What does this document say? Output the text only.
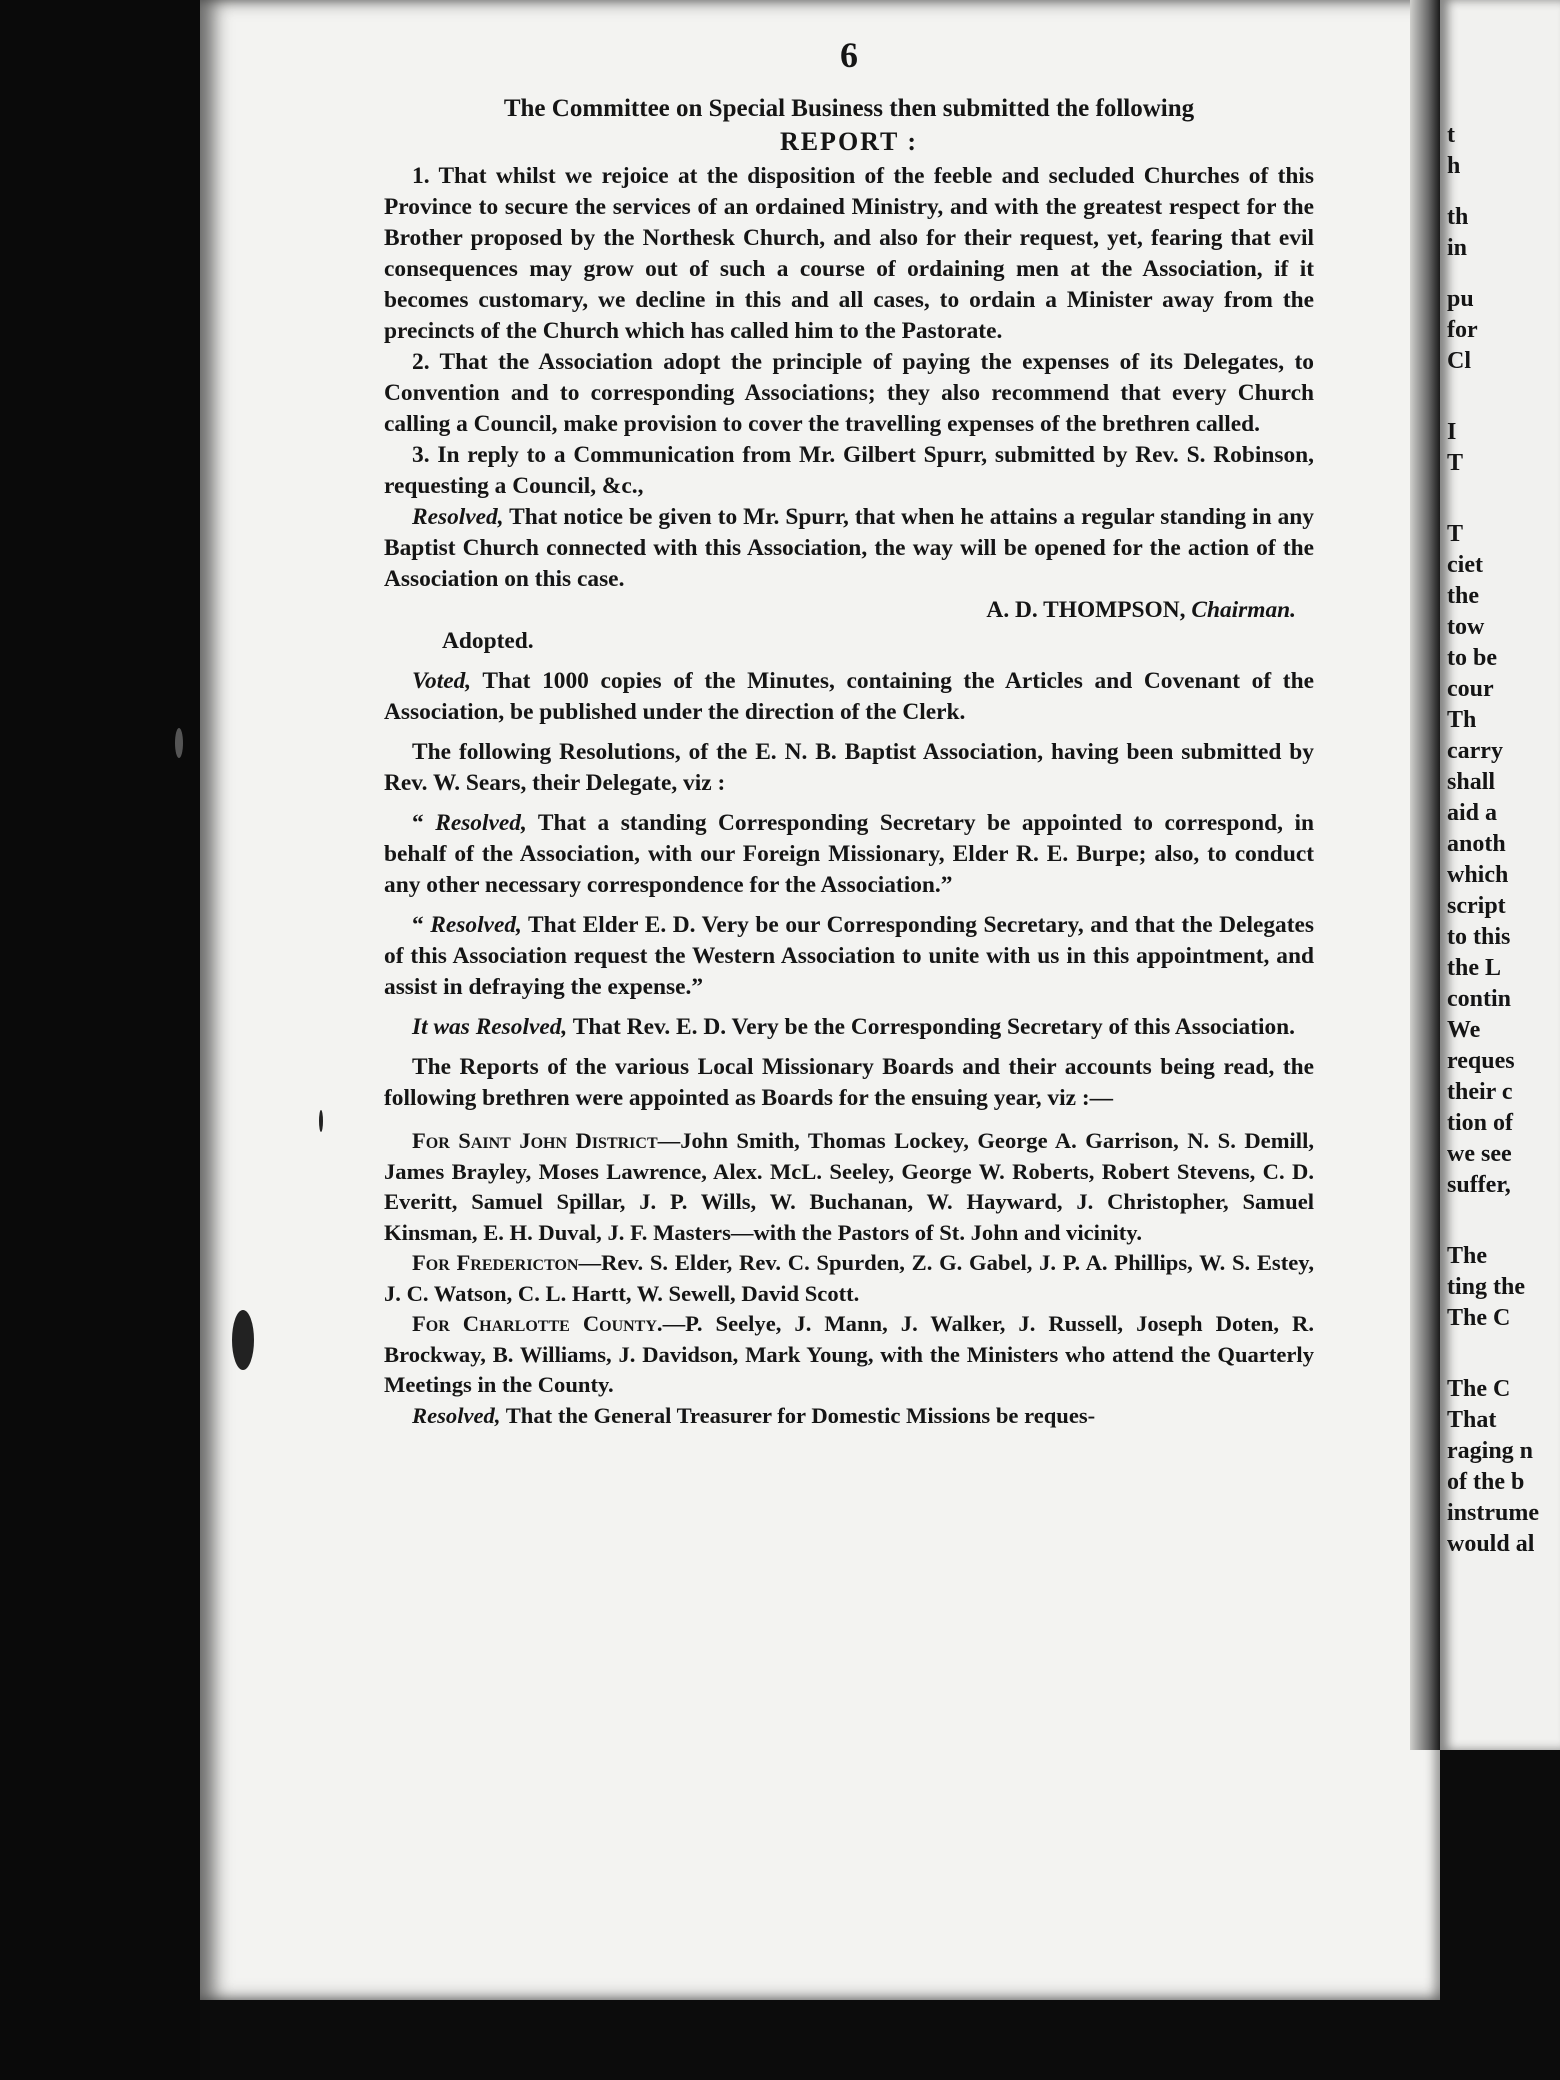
6

The Committee on Special Business then submitted the following

REPORT :

1. That whilst we rejoice at the disposition of the feeble and secluded Churches of this Province to secure the services of an ordained Ministry, and with the greatest respect for the Brother proposed by the Northesk Church, and also for their request, yet, fearing that evil consequences may grow out of such a course of ordaining men at the Association, if it becomes customary, we decline in this and all cases, to ordain a Minister away from the precincts of the Church which has called him to the Pastorate.

2. That the Association adopt the principle of paying the expenses of its Delegates, to Convention and to corresponding Associations; they also recommend that every Church calling a Council, make provision to cover the travelling expenses of the brethren called.

3. In reply to a Communication from Mr. Gilbert Spurr, submitted by Rev. S. Robinson, requesting a Council, &c.,

Resolved, That notice be given to Mr. Spurr, that when he attains a regular standing in any Baptist Church connected with this Association, the way will be opened for the action of the Association on this case.

A. D. THOMPSON, Chairman.

Adopted.

Voted, That 1000 copies of the Minutes, containing the Articles and Covenant of the Association, be published under the direction of the Clerk.

The following Resolutions, of the E. N. B. Baptist Association, having been submitted by Rev. W. Sears, their Delegate, viz :

“ Resolved, That a standing Corresponding Secretary be appointed to correspond, in behalf of the Association, with our Foreign Missionary, Elder R. E. Burpe; also, to conduct any other necessary correspondence for the Association.”

“ Resolved, That Elder E. D. Very be our Corresponding Secretary, and that the Delegates of this Association request the Western Association to unite with us in this appointment, and assist in defraying the expense.”

It was Resolved, That Rev. E. D. Very be the Corresponding Secretary of this Association.

The Reports of the various Local Missionary Boards and their accounts being read, the following brethren were appointed as Boards for the ensuing year, viz :—

For Saint John District—John Smith, Thomas Lockey, George A. Garrison, N. S. Demill, James Brayley, Moses Lawrence, Alex. McL. Seeley, George W. Roberts, Robert Stevens, C. D. Everitt, Samuel Spillar, J. P. Wills, W. Buchanan, W. Hayward, J. Christopher, Samuel Kinsman, E. H. Duval, J. F. Masters—with the Pastors of St. John and vicinity.

For Fredericton—Rev. S. Elder, Rev. C. Spurden, Z. G. Gabel, J. P. A. Phillips, W. S. Estey, J. C. Watson, C. L. Hartt, W. Sewell, David Scott.

For Charlotte County.—P. Seelye, J. Mann, J. Walker, J. Russell, Joseph Doten, R. Brockway, B. Williams, J. Davidson, Mark Young, with the Ministers who attend the Quarterly Meetings in the County.

Resolved, That the General Treasurer for Domestic Missions be reques-

t
h
th
in
pu
for
Cl
I
T
T
ciet
the
tow
to be
cour
Th
carry
shall
aid a
anoth
which
script
to this
the L
contin
We
reques
their c
tion of
we see
suffer,
The
ting the
The C
The C
That
raging n
of the b
instrume
would al
